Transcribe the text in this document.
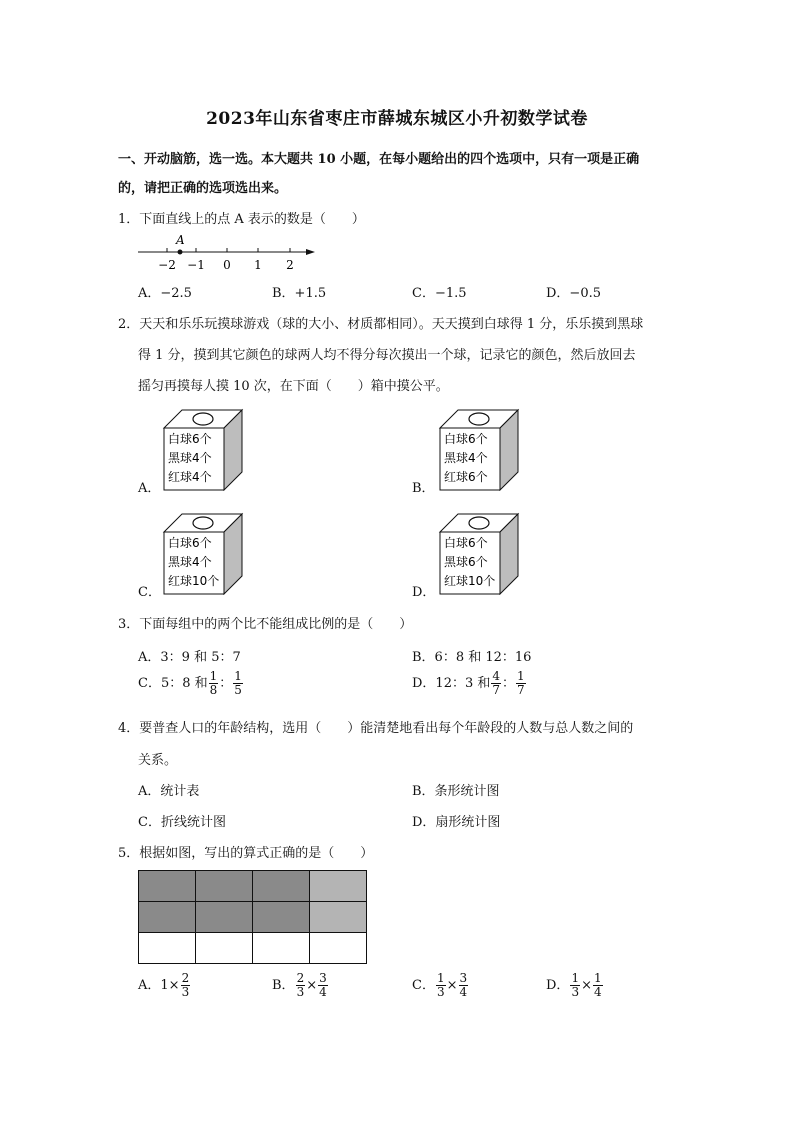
2023年山东省枣庄市薛城东城区小升初数学试卷
一、开动脑筋，选一选。本大题共 10 小题，在每小题给出的四个选项中，只有一项是正确
的，请把正确的选项选出来。
1．下面直线上的点 A 表示的数是（　　）
A
−2 −1 0 1 2
A．−2.5	B．+1.5	C．−1.5	D．−0.5
2．天天和乐乐玩摸球游戏（球的大小、材质都相同）。天天摸到白球得 1 分，乐乐摸到黑球
得 1 分，摸到其它颜色的球两人均不得分每次摸出一个球，记录它的颜色，然后放回去
摇匀再摸每人摸 10 次，在下面（　　）箱中摸公平。
A．
白球6个
黑球4个
红球4个
B．
白球6个
黑球4个
红球6个
C．
白球6个
黑球4个
红球10个
D．
白球6个
黑球6个
红球10个
3．下面每组中的两个比不能组成比例的是（　　）
A．3：9 和 5：7	B．6：8 和 12：16
C．5：8 和 $\frac{1}{8}$ ： $\frac{1}{5}$	D．12：3 和 $\frac{4}{7}$ ： $\frac{1}{7}$
4．要普查人口的年龄结构，选用（　　）能清楚地看出每个年龄段的人数与总人数之间的
关系。
A．统计表	B．条形统计图
C．折线统计图	D．扇形统计图
5．根据如图，写出的算式正确的是（　　）

A．$1\times \frac{2}{3}$	B． $\frac{2}{3} \times \frac{3}{4}$	C． $\frac{1}{3} \times \frac{3}{4}$	D． $\frac{1}{3} \times \frac{1}{4}$
